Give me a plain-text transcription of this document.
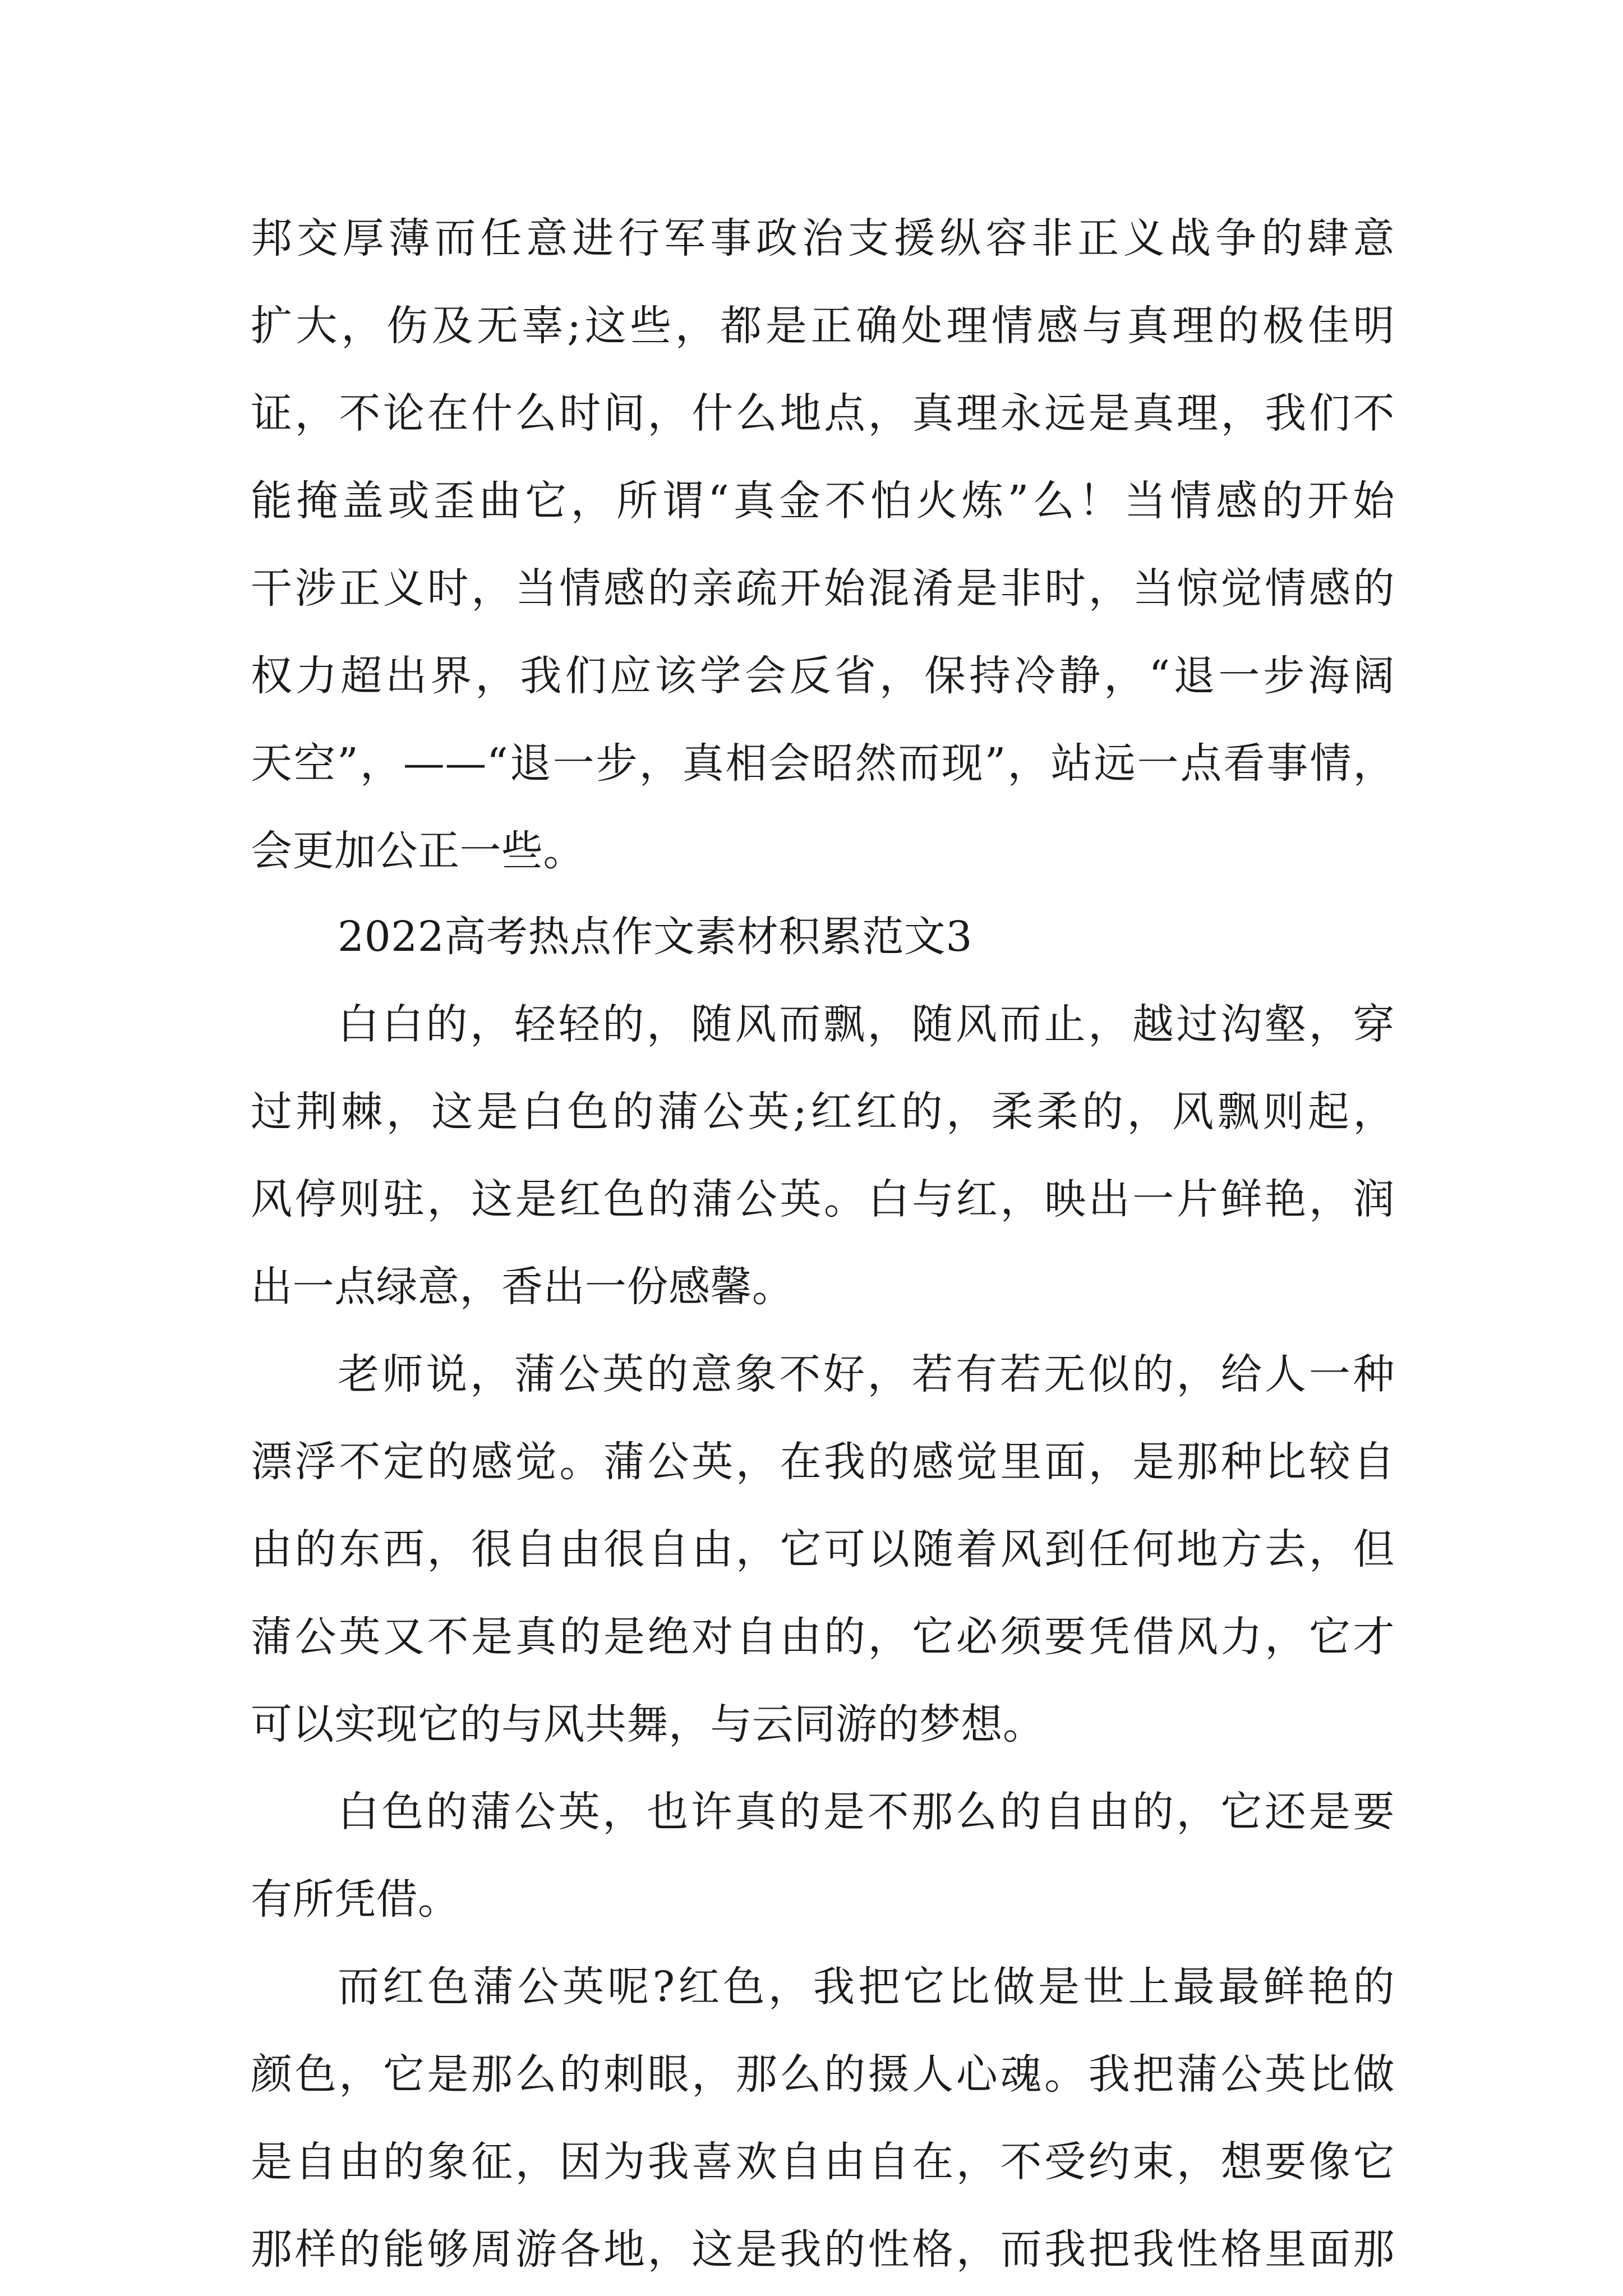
邦交厚薄而任意进行军事政治支援纵容非正义战争的肆意
扩大，伤及无辜;这些，都是正确处理情感与真理的极佳明
证，不论在什么时间，什么地点，真理永远是真理，我们不
能掩盖或歪曲它，所谓“真金不怕火炼”么！当情感的开始
干涉正义时，当情感的亲疏开始混淆是非时，当惊觉情感的
权力超出界，我们应该学会反省，保持冷静，“退一步海阔
天空”，——“退一步，真相会昭然而现”，站远一点看事情，
会更加公正一些。
2022高考热点作文素材积累范文3
白白的，轻轻的，随风而飘，随风而止，越过沟壑，穿
过荆棘，这是白色的蒲公英;红红的，柔柔的，风飘则起，
风停则驻，这是红色的蒲公英。白与红，映出一片鲜艳，润
出一点绿意，香出一份感馨。
老师说，蒲公英的意象不好，若有若无似的，给人一种
漂浮不定的感觉。蒲公英，在我的感觉里面，是那种比较自
由的东西，很自由很自由，它可以随着风到任何地方去，但
蒲公英又不是真的是绝对自由的，它必须要凭借风力，它才
可以实现它的与风共舞，与云同游的梦想。
白色的蒲公英，也许真的是不那么的自由的，它还是要
有所凭借。
而红色蒲公英呢?红色，我把它比做是世上最最鲜艳的
颜色，它是那么的刺眼，那么的摄人心魂。我把蒲公英比做
是自由的象征，因为我喜欢自由自在，不受约束，想要像它
那样的能够周游各地，这是我的性格，而我把我性格里面那
